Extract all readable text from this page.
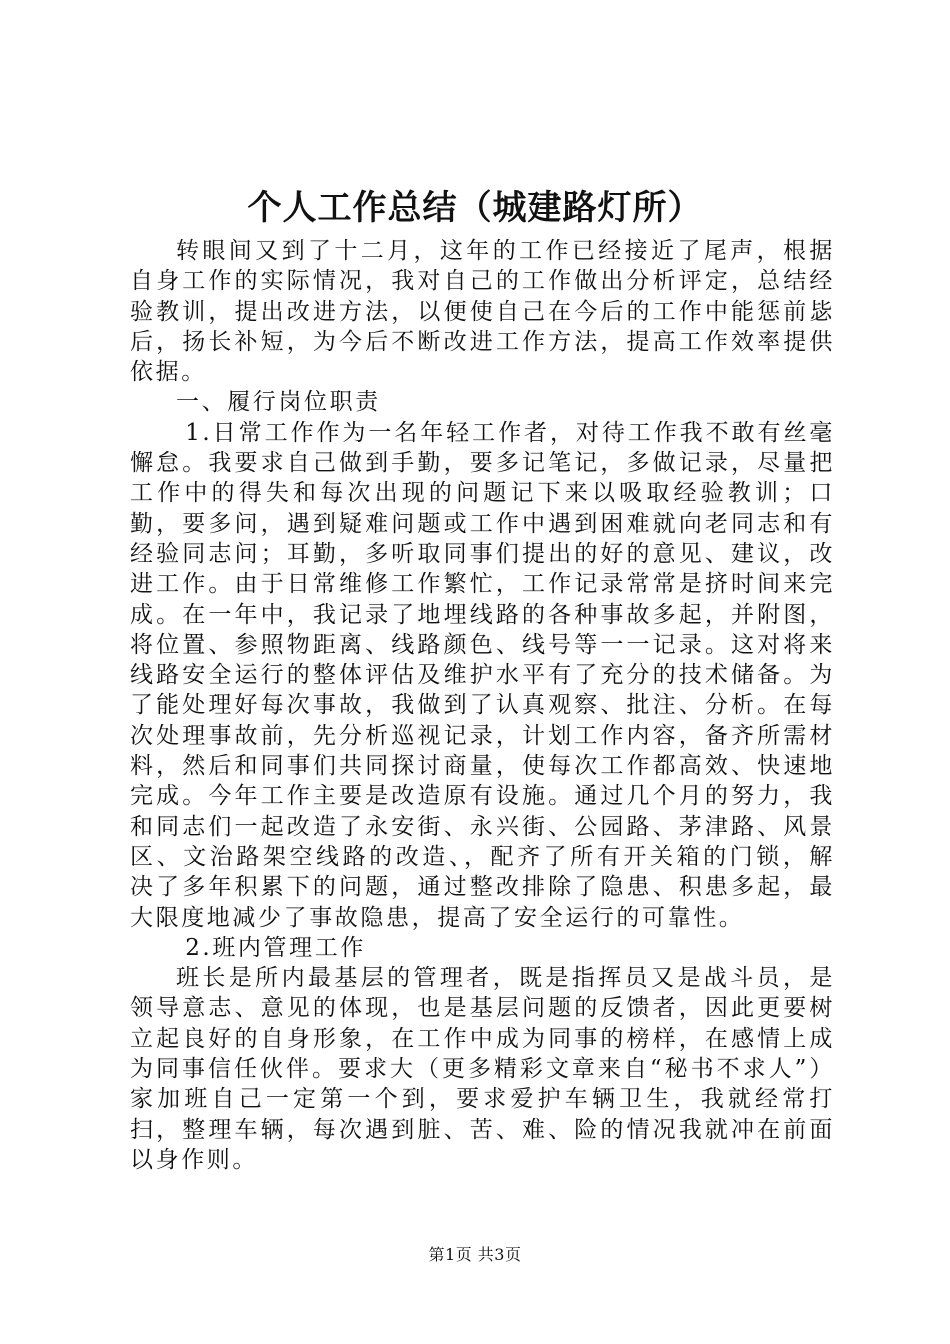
个人工作总结（城建路灯所）

转眼间又到了十二月，这年的工作已经接近了尾声，根据自身工作的实际情况，我对自己的工作做出分析评定，总结经验教训，提出改进方法，以便使自己在今后的工作中能惩前毖后，扬长补短，为今后不断改进工作方法，提高工作效率提供依据。

一、履行岗位职责

1.日常工作作为一名年轻工作者，对待工作我不敢有丝毫懈怠。我要求自己做到手勤，要多记笔记，多做记录，尽量把工作中的得失和每次出现的问题记下来以吸取经验教训；口勤，要多问，遇到疑难问题或工作中遇到困难就向老同志和有经验同志问；耳勤，多听取同事们提出的好的意见、建议，改进工作。由于日常维修工作繁忙，工作记录常常是挤时间来完成。在一年中，我记录了地埋线路的各种事故多起，并附图，将位置、参照物距离、线路颜色、线号等一一记录。这对将来线路安全运行的整体评估及维护水平有了充分的技术储备。为了能处理好每次事故，我做到了认真观察、批注、分析。在每次处理事故前，先分析巡视记录，计划工作内容，备齐所需材料，然后和同事们共同探讨商量，使每次工作都高效、快速地完成。今年工作主要是改造原有设施。通过几个月的努力，我和同志们一起改造了永安街、永兴街、公园路、茅津路、风景区、文治路架空线路的改造、，配齐了所有开关箱的门锁，解决了多年积累下的问题，通过整改排除了隐患、积患多起，最大限度地减少了事故隐患，提高了安全运行的可靠性。

2.班内管理工作

班长是所内最基层的管理者，既是指挥员又是战斗员，是领导意志、意见的体现，也是基层问题的反馈者，因此更要树立起良好的自身形象，在工作中成为同事的榜样，在感情上成为同事信任伙伴。要求大（更多精彩文章来自“秘书不求人”）家加班自己一定第一个到，要求爱护车辆卫生，我就经常打扫，整理车辆，每次遇到脏、苦、难、险的情况我就冲在前面以身作则。

第1页 共3页
